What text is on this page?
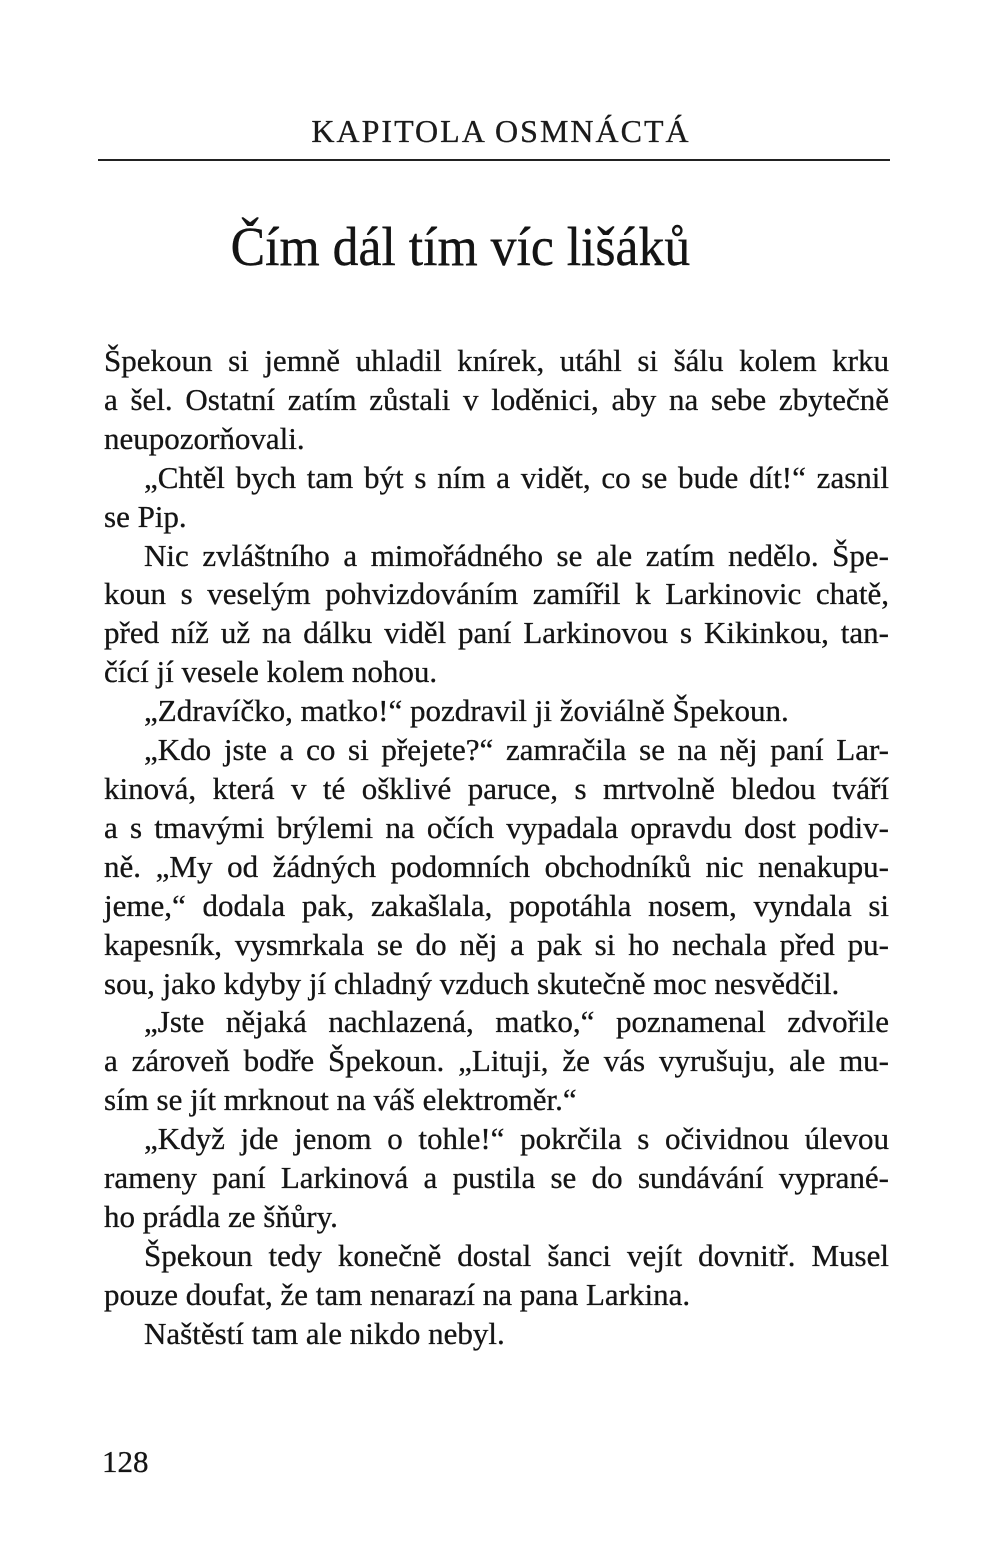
KAPITOLA OSMNÁCTÁ
Čím dál tím víc lišáků
Špekoun si jemně uhladil knírek, utáhl si šálu kolem krku
a šel. Ostatní zatím zůstali v loděnici, aby na sebe zbytečně
neupozorňovali.
„Chtěl bych tam být s ním a vidět, co se bude dít!“ zasnil
se Pip.
Nic zvláštního a mimořádného se ale zatím nedělo. Špe-
koun s veselým pohvizdováním zamířil k Larkinovic chatě,
před níž už na dálku viděl paní Larkinovou s Kikinkou, tan-
čící jí vesele kolem nohou.
„Zdravíčko, matko!“ pozdravil ji žoviálně Špekoun.
„Kdo jste a co si přejete?“ zamračila se na něj paní Lar-
kinová, která v té ošklivé paruce, s mrtvolně bledou tváří
a s tmavými brýlemi na očích vypadala opravdu dost podiv-
ně. „My od žádných podomních obchodníků nic nenakupu-
jeme,“ dodala pak, zakašlala, popotáhla nosem, vyndala si
kapesník, vysmrkala se do něj a pak si ho nechala před pu-
sou, jako kdyby jí chladný vzduch skutečně moc nesvědčil.
„Jste nějaká nachlazená, matko,“ poznamenal zdvořile
a zároveň bodře Špekoun. „Lituji, že vás vyrušuju, ale mu-
sím se jít mrknout na váš elektroměr.“
„Když jde jenom o tohle!“ pokrčila s očividnou úlevou
rameny paní Larkinová a pustila se do sundávání vyprané-
ho prádla ze šňůry.
Špekoun tedy konečně dostal šanci vejít dovnitř. Musel
pouze doufat, že tam nenarazí na pana Larkina.
Naštěstí tam ale nikdo nebyl.
128
